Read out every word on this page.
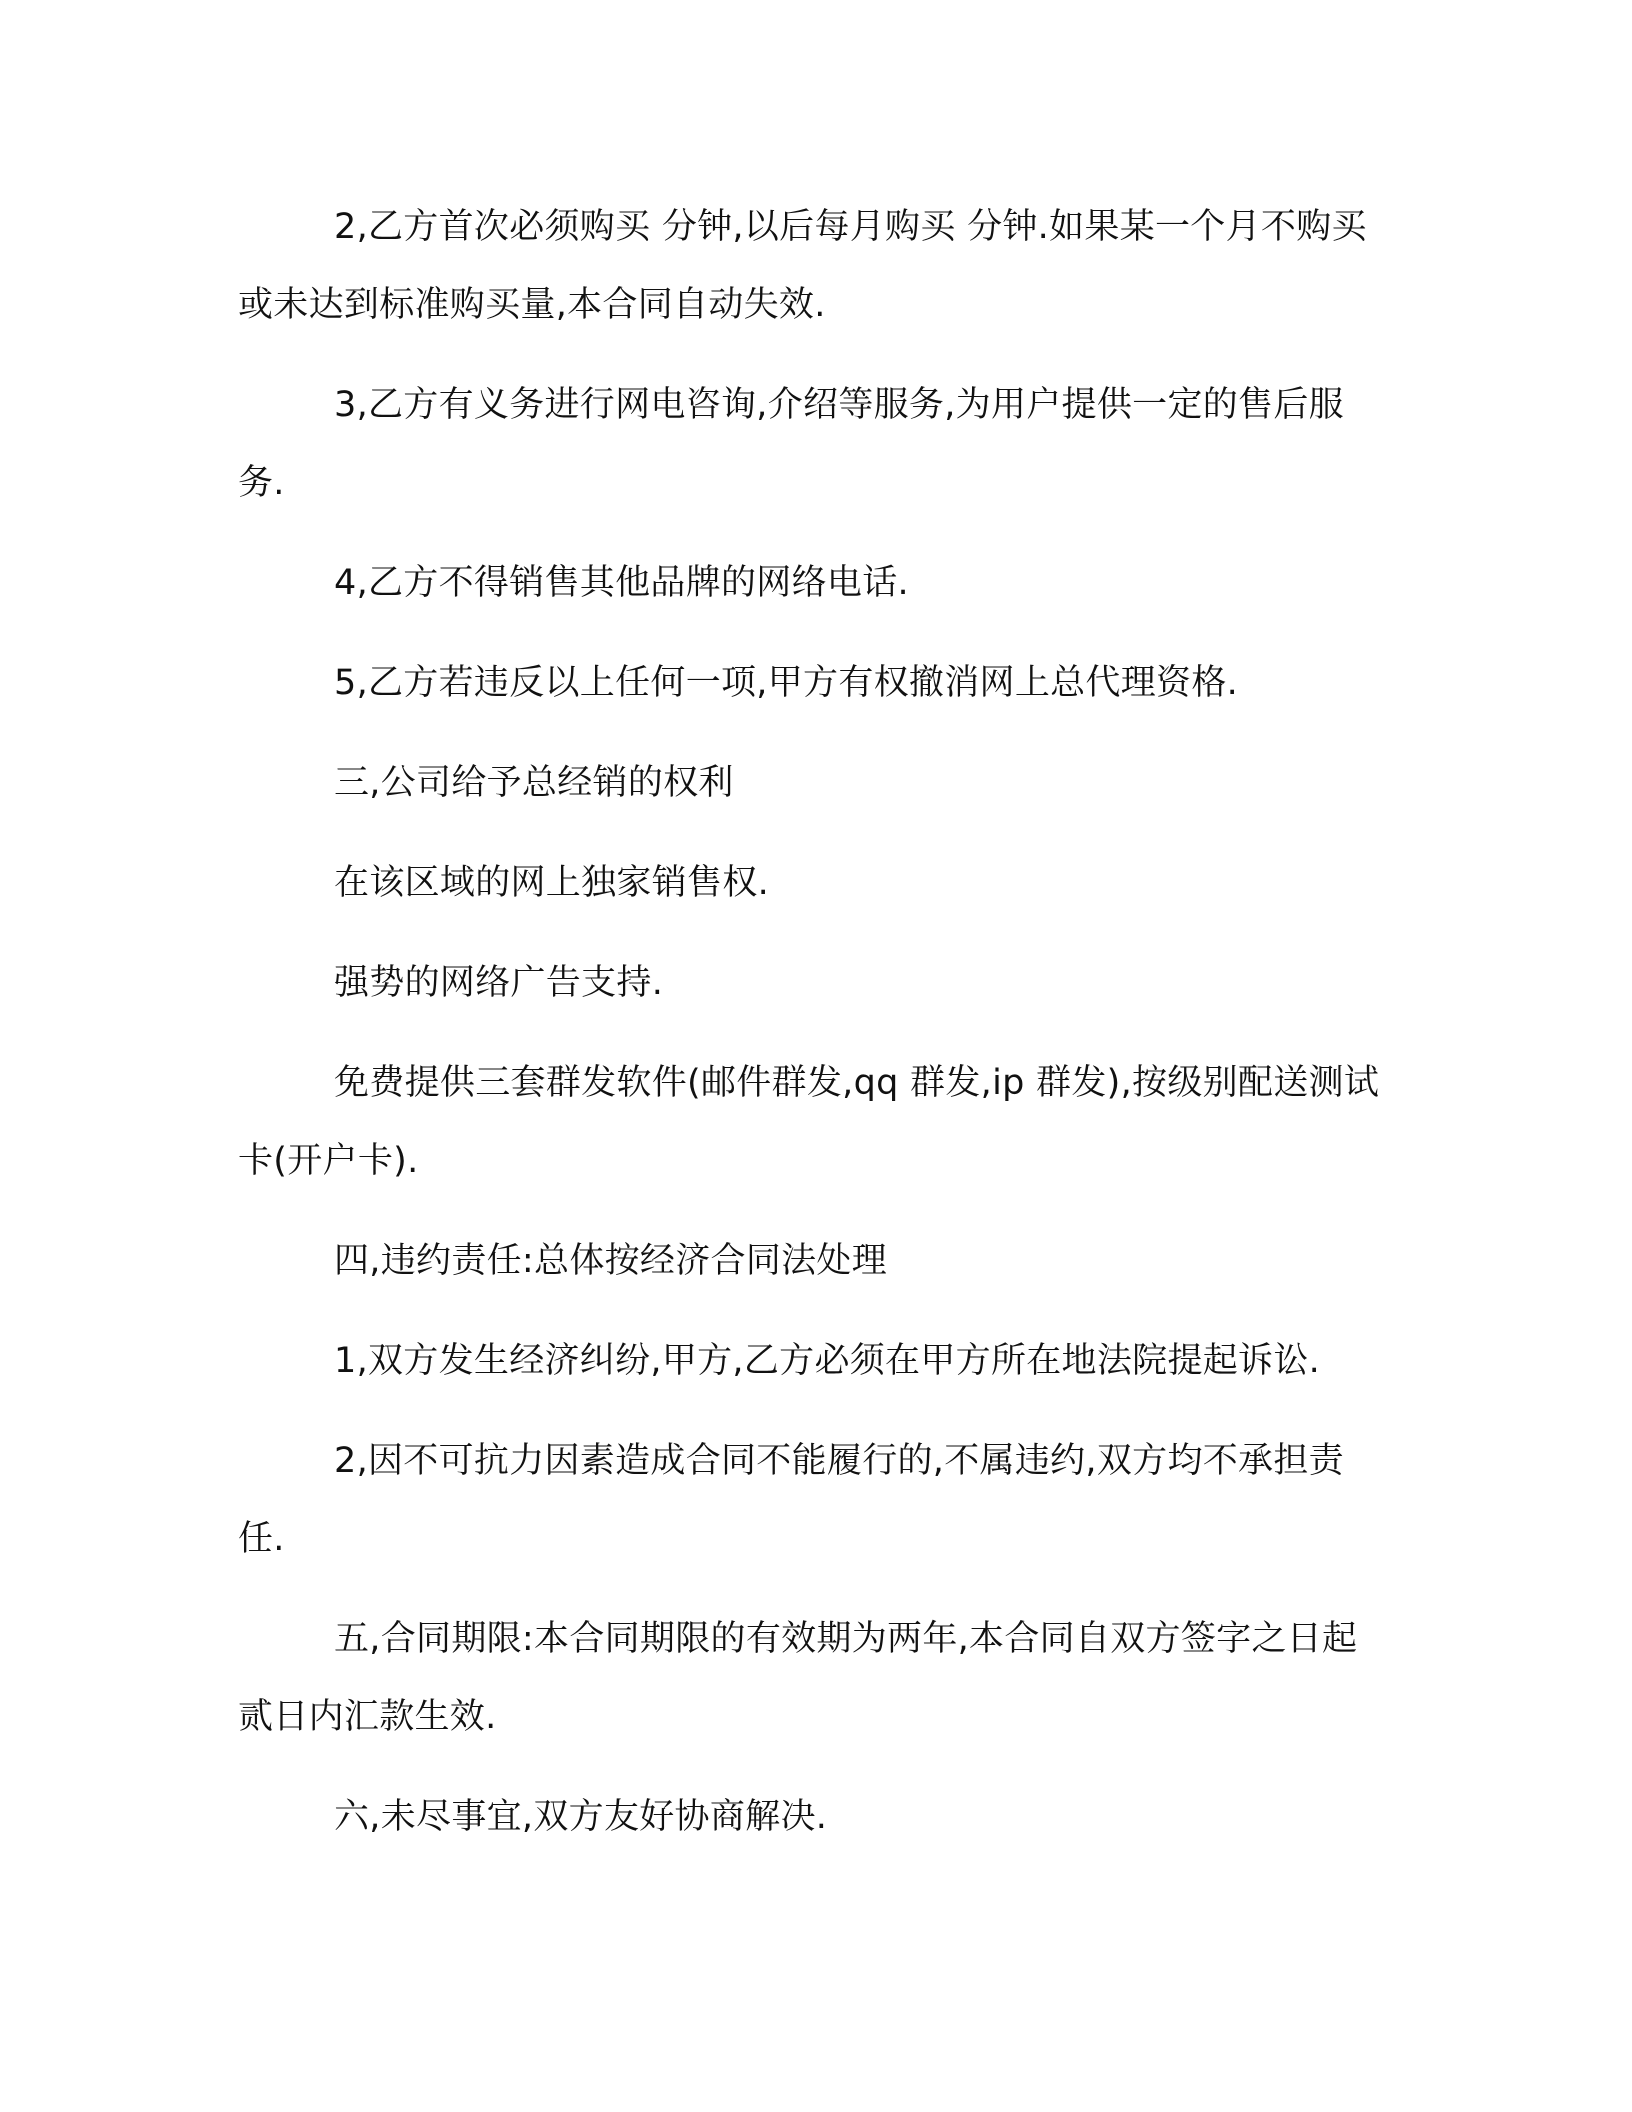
2,乙方首次必须购买 分钟,以后每月购买 分钟.如果某一个月不购买或未达到标准购买量,本合同自动失效.

3,乙方有义务进行网电咨询,介绍等服务,为用户提供一定的售后服务.

4,乙方不得销售其他品牌的网络电话.

5,乙方若违反以上任何一项,甲方有权撤消网上总代理资格.

三,公司给予总经销的权利

在该区域的网上独家销售权.

强势的网络广告支持.

免费提供三套群发软件(邮件群发,qq 群发,ip 群发),按级别配送测试卡(开户卡).

四,违约责任:总体按经济合同法处理

1,双方发生经济纠纷,甲方,乙方必须在甲方所在地法院提起诉讼.

2,因不可抗力因素造成合同不能履行的,不属违约,双方均不承担责任.

五,合同期限:本合同期限的有效期为两年,本合同自双方签字之日起贰日内汇款生效.

六,未尽事宜,双方友好协商解决.
